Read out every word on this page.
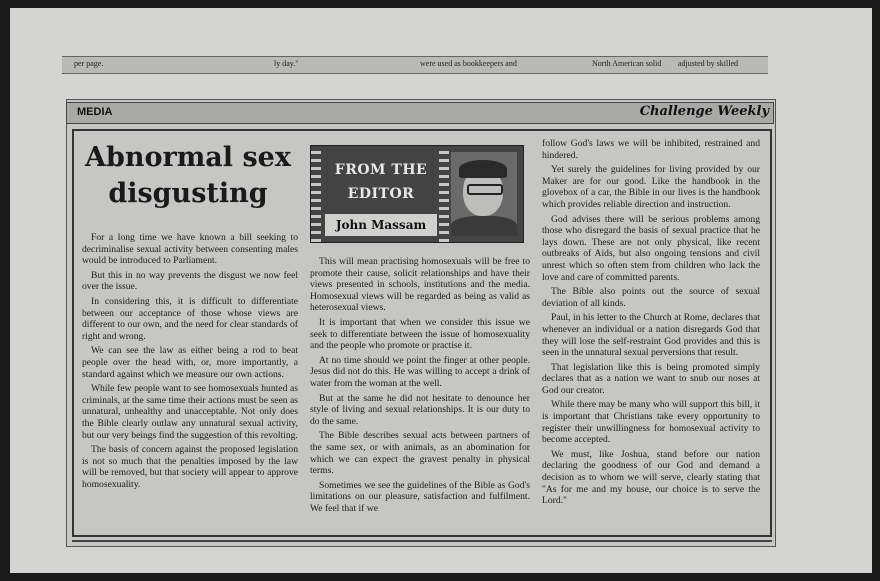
per page.	ly day."	were used as bookkeepers and	North American solid adjusted by skilled
MEDIA	Challenge Weekly
Abnormal sex
disgusting
FROM THE
EDITOR
John Massam

For a long time we have known a bill seeking to decriminalise sexual activity between consenting males would be introduced to Parliament.

But this in no way prevents the disgust we now feel over the issue.

In considering this, it is difficult to differentiate between our acceptance of those whose views are different to our own, and the need for clear standards of right and wrong.

We can see the law as either being a rod to beat people over the head with, or, more importantly, a standard against which we measure our own actions.

While few people want to see homosexuals hunted as criminals, at the same time their actions must be seen as unnatural, unhealthy and unacceptable. Not only does the Bible clearly outlaw any unnatural sexual activity, but our very beings find the suggestion of this revolting.

The basis of concern against the proposed legislation is not so much that the penalties imposed by the law will be removed, but that society will appear to approve homosexuality.

This will mean practising homosexuals will be free to promote their cause, solicit relationships and have their views presented in schools, institutions and the media. Homosexual views will be regarded as being as valid as heterosexual views.

It is important that when we consider this issue we seek to differentiate between the issue of homosexuality and the people who promote or practise it.

At no time should we point the finger at other people. Jesus did not do this. He was willing to accept a drink of water from the woman at the well.

But at the same he did not hesitate to denounce her style of living and sexual relationships. It is our duty to do the same.

The Bible describes sexual acts between partners of the same sex, or with animals, as an abomination for which we can expect the gravest penalty in physical terms.

Sometimes we see the guidelines of the Bible as God's limitations on our pleasure, satisfaction and fulfilment. We feel that if we

follow God's laws we will be inhibited, restrained and hindered.

Yet surely the guidelines for living provided by our Maker are for our good. Like the handbook in the glovebox of a car, the Bible in our lives is the handbook which provides reliable direction and instruction.

God advises there will be serious problems among those who disregard the basis of sexual practice that he lays down. These are not only physical, like recent outbreaks of Aids, but also ongoing tensions and civil unrest which so often stem from children who lack the love and care of committed parents.

The Bible also points out the source of sexual deviation of all kinds.

Paul, in his letter to the Church at Rome, declares that whenever an individual or a nation disregards God that they will lose the self-restraint God provides and this is seen in the unnatural sexual perversions that result.

That legislation like this is being promoted simply declares that as a nation we want to snub our noses at God our creator.

While there may be many who will support this bill, it is important that Christians take every opportunity to register their unwillingness for homosexual activity to become accepted.

We must, like Joshua, stand before our nation declaring the goodness of our God and demand a decision as to whom we will serve, clearly stating that "As for me and my house, our choice is to serve the Lord."
